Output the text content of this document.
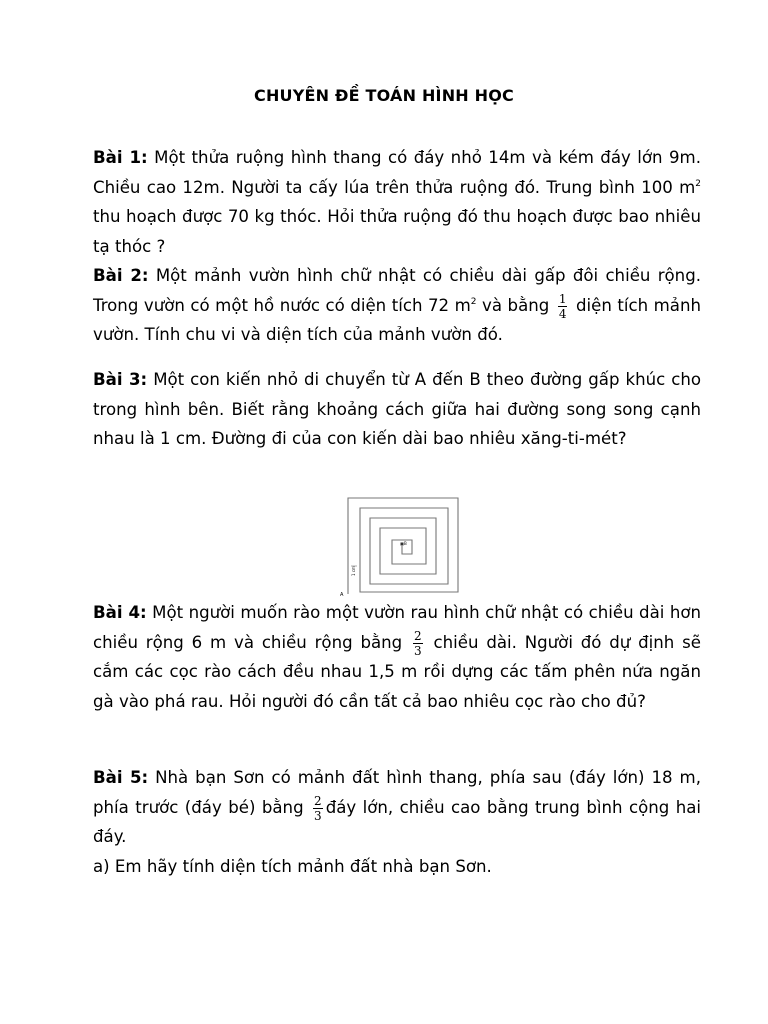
CHUYÊN ĐỀ TOÁN HÌNH HỌC
Bài 1: Một thửa ruộng hình thang có đáy nhỏ 14m và kém đáy lớn 9m. Chiều cao 12m. Người ta cấy lúa trên thửa ruộng đó. Trung bình 100 $m^2$ thu hoạch được 70 kg thóc. Hỏi thửa ruộng đó thu hoạch được bao nhiêu tạ thóc ?
Bài 2: Một mảnh vườn hình chữ nhật có chiều dài gấp đôi chiều rộng. Trong vườn có một hồ nước có diện tích 72 $m^2$ và bằng $\frac{1}{4}$ diện tích mảnh vườn. Tính chu vi và diện tích của mảnh vườn đó.
Bài 3: Một con kiến nhỏ di chuyển từ A đến B theo đường gấp khúc cho trong hình bên. Biết rằng khoảng cách giữa hai đường song song cạnh nhau là 1 cm. Đường đi của con kiến dài bao nhiêu xăng-ti-mét?
A
B
1 cm
Bài 4: Một người muốn rào một vườn rau hình chữ nhật có chiều dài hơn chiều rộng 6 m và chiều rộng bằng $\frac{2}{3}$ chiều dài. Người đó dự định sẽ cắm các cọc rào cách đều nhau 1,5 m rồi dựng các tấm phên nứa ngăn gà vào phá rau. Hỏi người đó cần tất cả bao nhiêu cọc rào cho đủ?
Bài 5: Nhà bạn Sơn có mảnh đất hình thang, phía sau (đáy lớn) 18 m, phía trước (đáy bé) bằng $\frac{2}{3}$ đáy lớn, chiều cao bằng trung bình cộng hai đáy.
a) Em hãy tính diện tích mảnh đất nhà bạn Sơn.
